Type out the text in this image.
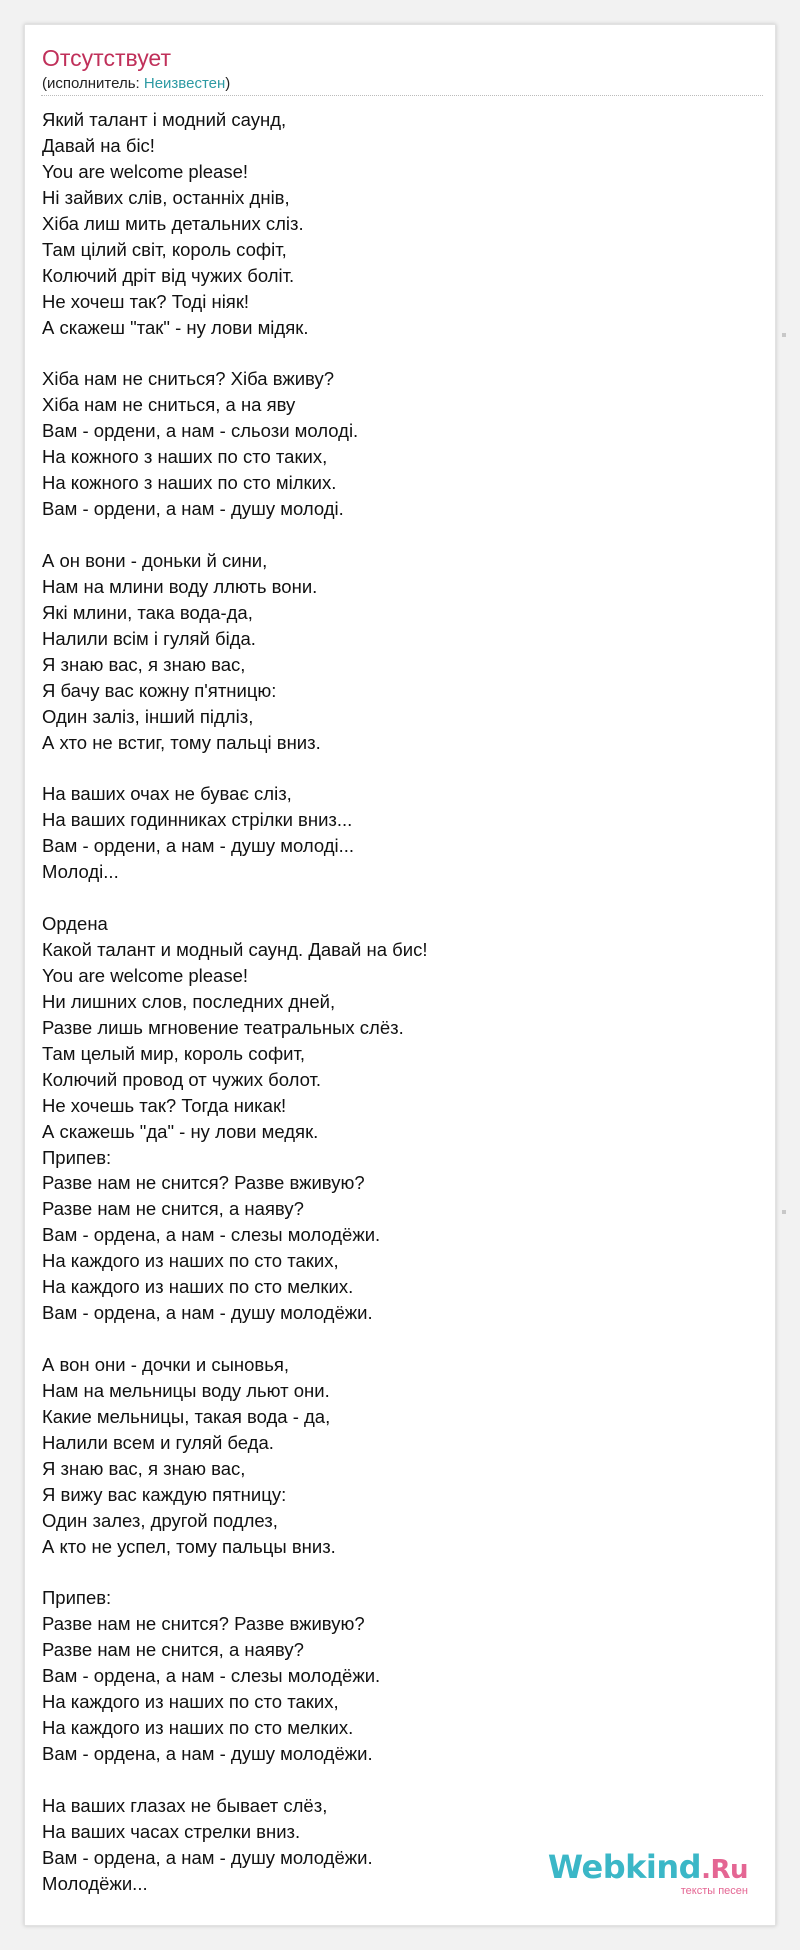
Отсутствует
(исполнитель: Неизвестен)
Який талант і модний саунд,
Давай на біс!
You are welcome please!
Ні зайвих слів, останніх днів,
Хіба лиш мить детальних сліз.
Там цілий світ, король софіт,
Колючий дріт від чужих боліт.
Не хочеш так? Тоді ніяк!
А скажеш "так" - ну лови мідяк.
Хіба нам не сниться? Хіба вживу?
Хіба нам не сниться, а на яву
Вам - ордени, а нам - сльози молоді.
На кожного з наших по сто таких,
На кожного з наших по сто мілких.
Вам - ордени, а нам - душу молоді.
А он вони - доньки й сини,
Нам на млини воду ллють вони.
Які млини, така вода-да,
Налили всім і гуляй біда.
Я знаю вас, я знаю вас,
Я бачу вас кожну п'ятницю:
Один заліз, інший підліз,
А хто не встиг, тому пальці вниз.
На ваших очах не буває сліз,
На ваших годинниках стрілки вниз...
Вам - ордени, а нам - душу молоді...
Молоді...
Ордена
Какой талант и модный саунд. Давай на бис!
You are welcome please!
Ни лишних слов, последних дней,
Разве лишь мгновение театральных слёз.
Там целый мир, король софит,
Колючий провод от чужих болот.
Не хочешь так? Тогда никак!
А скажешь "да" - ну лови медяк.
Припев:
Разве нам не снится? Разве вживую?
Разве нам не снится, а наяву?
Вам - ордена, а нам - слезы молодёжи.
На каждого из наших по сто таких,
На каждого из наших по сто мелких.
Вам - ордена, а нам - душу молодёжи.
А вон они - дочки и сыновья,
Нам на мельницы воду льют они.
Какие мельницы, такая вода - да,
Налили всем и гуляй беда.
Я знаю вас, я знаю вас,
Я вижу вас каждую пятницу:
Один залез, другой подлез,
А кто не успел, тому пальцы вниз.
Припев:
Разве нам не снится? Разве вживую?
Разве нам не снится, а наяву?
Вам - ордена, а нам - слезы молодёжи.
На каждого из наших по сто таких,
На каждого из наших по сто мелких.
Вам - ордена, а нам - душу молодёжи.
На ваших глазах не бывает слёз,
На ваших часах стрелки вниз.
Вам - ордена, а нам - душу молодёжи.
Молодёжи...	Webkind.Ru
тексты песен
